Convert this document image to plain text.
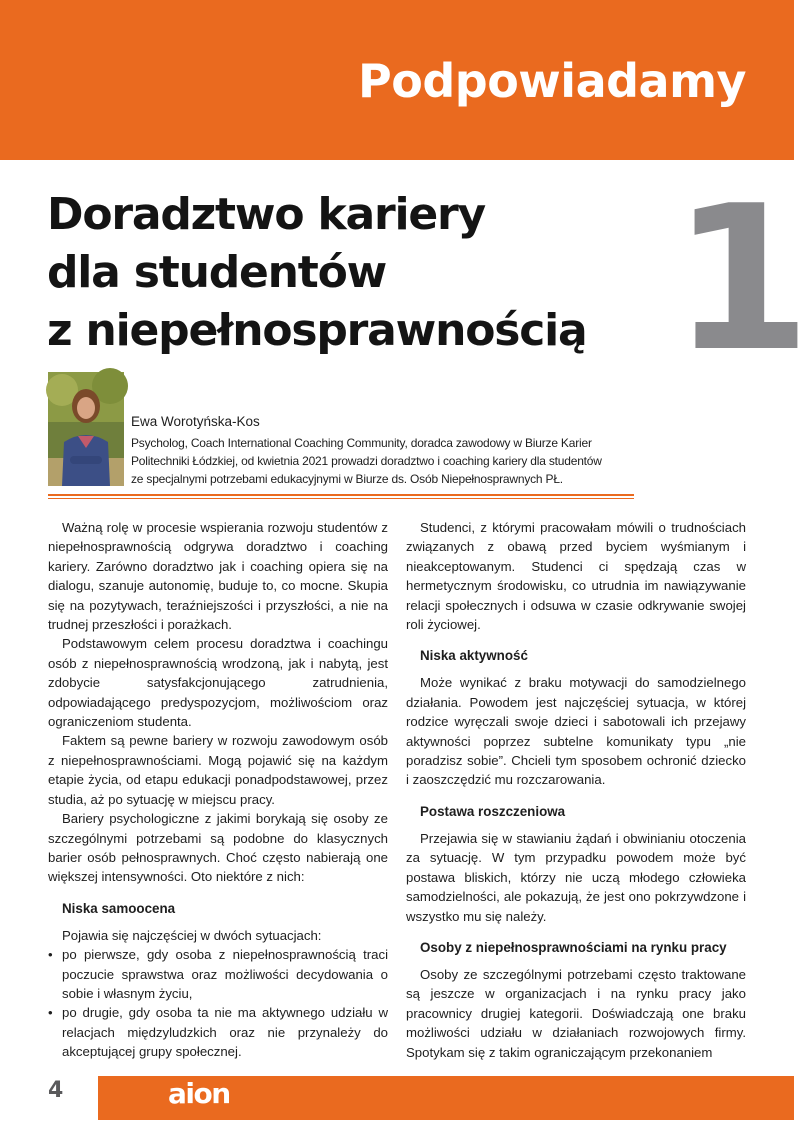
Podpowiadamy
Doradztwo kariery
dla studentów
z niepełnosprawnością 1
Ewa Worotyńska-Kos
Psycholog, Coach International Coaching Community, doradca zawodowy w Biurze Karier
Politechniki Łódzkiej, od kwietnia 2021 prowadzi doradztwo i coaching kariery dla studentów
ze specjalnymi potrzebami edukacyjnymi w Biurze ds. Osób Niepełnosprawnych PŁ.

Ważną rolę w procesie wspierania rozwoju studentów z niepełnosprawnością odgrywa doradztwo i coaching kariery. Zarówno doradztwo jak i coaching opiera się na dialogu, szanuje autonomię, buduje to, co mocne. Skupia się na pozytywach, teraźniejszości i przyszłości, a nie na trudnej przeszłości i porażkach.

Podstawowym celem procesu doradztwa i coachingu osób z niepełnosprawnością wrodzoną, jak i nabytą, jest zdobycie satysfakcjonującego zatrudnienia, odpowiadającego predyspozycjom, możliwościom oraz ograniczeniom studenta.

Faktem są pewne bariery w rozwoju zawodowym osób z niepełnosprawnościami. Mogą pojawić się na każdym etapie życia, od etapu edukacji ponadpodstawowej, przez studia, aż po sytuację w miejscu pracy.

Bariery psychologiczne z jakimi borykają się osoby ze szczególnymi potrzebami są podobne do klasycznych barier osób pełnosprawnych. Choć często nabierają one większej intensywności. Oto niektóre z nich:

Niska samoocena

Pojawia się najczęściej w dwóch sytuacjach:

• po pierwsze, gdy osoba z niepełnosprawnością traci poczucie sprawstwa oraz możliwości decydowania o sobie i własnym życiu,
• po drugie, gdy osoba ta nie ma aktywnego udziału w relacjach międzyludzkich oraz nie przynależy do akceptującej grupy społecznej.

Studenci, z którymi pracowałam mówili o trudnościach związanych z obawą przed byciem wyśmianym i nieakceptowanym. Studenci ci spędzają czas w hermetycznym środowisku, co utrudnia im nawiązywanie relacji społecznych i odsuwa w czasie odkrywanie swojej roli życiowej.

Niska aktywność

Może wynikać z braku motywacji do samodzielnego działania. Powodem jest najczęściej sytuacja, w której rodzice wyręczali swoje dzieci i sabotowali ich przejawy aktywności poprzez subtelne komunikaty typu „nie poradzisz sobie”. Chcieli tym sposobem ochronić dziecko i zaoszczędzić mu rozczarowania.

Postawa roszczeniowa

Przejawia się w stawianiu żądań i obwinianiu otoczenia za sytuację. W tym przypadku powodem może być postawa bliskich, którzy nie uczą młodego człowieka samodzielności, ale pokazują, że jest ono pokrzywdzone i wszystko mu się należy.

Osoby z niepełnosprawnościami na rynku pracy

Osoby ze szczególnymi potrzebami często traktowane są jeszcze w organizacjach i na rynku pracy jako pracownicy drugiej kategorii. Doświadczają one braku możliwości udziału w działaniach rozwojowych firmy. Spotykam się z takim ograniczającym przekonaniem

4	aion
